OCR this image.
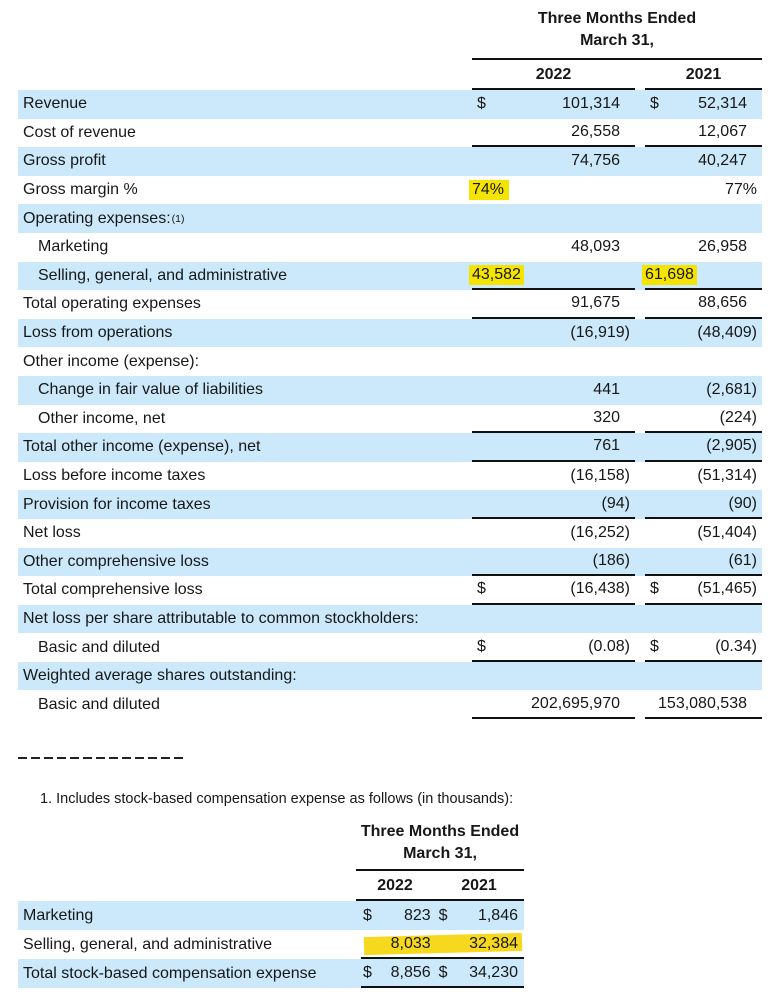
Three Months Ended
March 31,
2022	2021
Revenue	$	101,314	$ 52,314
Cost of revenue	26,558	12,067
Gross profit	74,756	40,247
Gross margin %	74%	77%
Operating expenses: (1)
Marketing	48,093	26,958
Selling, general, and administrative	43,582	61,698
Total operating expenses	91,675	88,656
Loss from operations	(16,919)	(48,409)
Other income (expense):
Change in fair value of liabilities	441	(2,681)
Other income, net	320	(224)
Total other income (expense), net	761	(2,905)
Loss before income taxes	(16,158)	(51,314)
Provision for income taxes	(94)	(90)
Net loss	(16,252)	(51,404)
Other comprehensive loss	(186)	(61)
Total comprehensive loss	$	(16,438)	$ (51,465)
Net loss per share attributable to common stockholders:
Basic and diluted	$	(0.08)	$	(0.34)
Weighted average shares outstanding:
Basic and diluted	202,695,970	153,080,538
1. Includes stock-based compensation expense as follows (in thousands):
Three Months Ended
March 31,
2022	2021
Marketing	$ 823 $ 1,846
Selling, general, and administrative	8,033	32,384
Total stock-based compensation expense	$ 8,856 $ 34,230
